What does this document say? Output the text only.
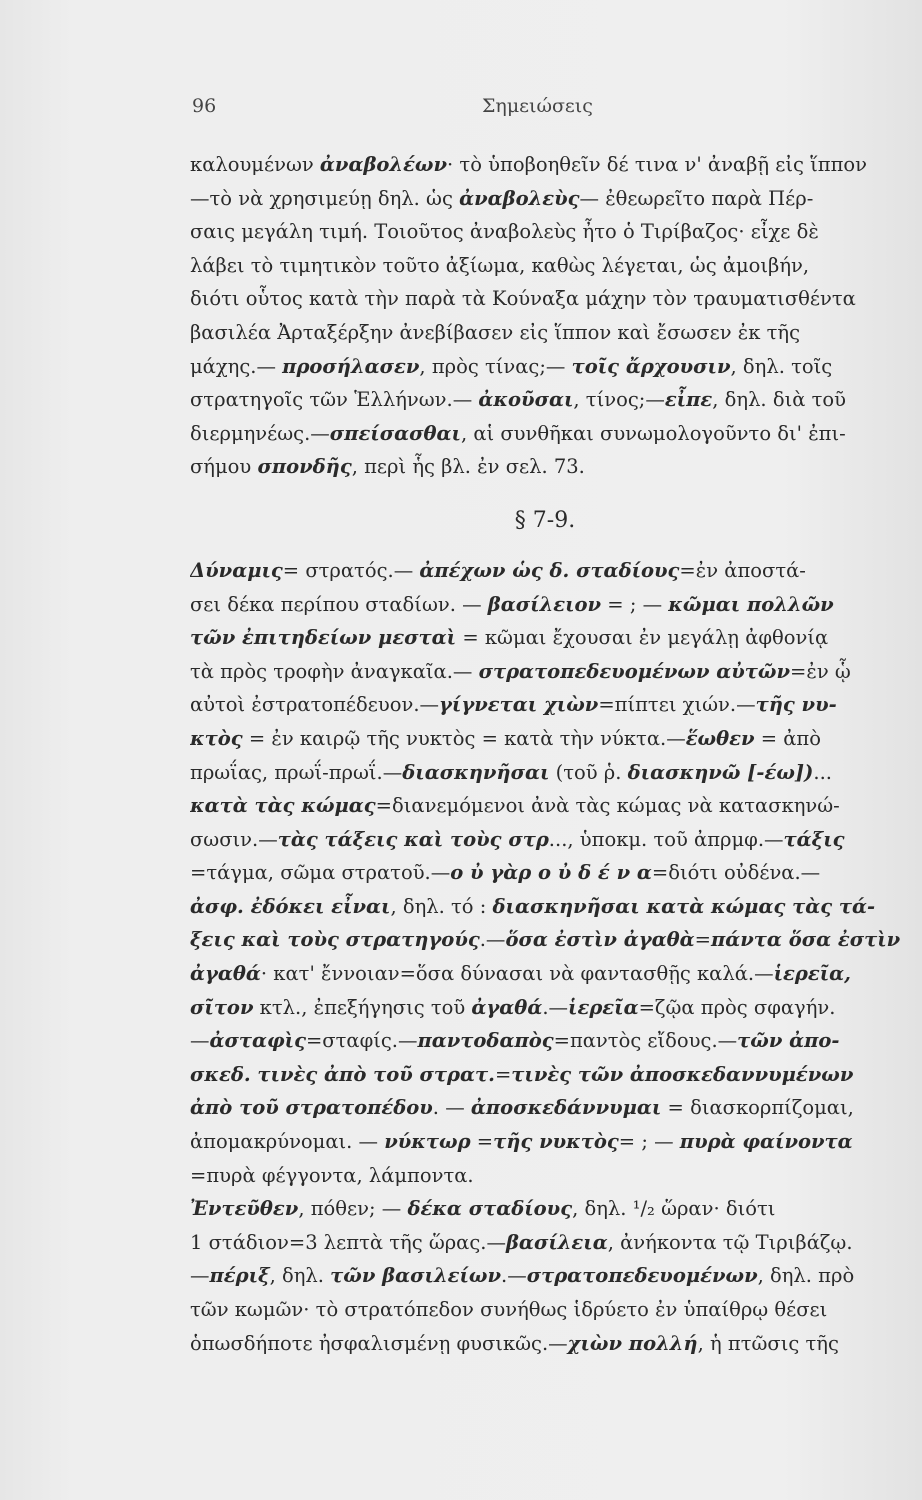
96	Σημειώσεις
καλουμένων ἀναβολέων· τὸ ὑποβοηθεῖν δέ τινα ν' ἀναβῇ εἰς ἵππον
—τὸ νὰ χρησιμεύῃ δηλ. ὡς ἀναβολεὺς— ἐθεωρεῖτο παρὰ Πέρ-
σαις μεγάλη τιμή. Τοιοῦτος ἀναβολεὺς ἦτο ὁ Τιρίβαζος· εἶχε δὲ
λάβει τὸ τιμητικὸν τοῦτο ἀξίωμα, καθὼς λέγεται, ὡς ἀμοιβήν,
διότι οὗτος κατὰ τὴν παρὰ τὰ Κούναξα μάχην τὸν τραυματισθέντα
βασιλέα Ἀρταξέρξην ἀνεβίβασεν εἰς ἵππον καὶ ἔσωσεν ἐκ τῆς
μάχης.— προσήλασεν, πρὸς τίνας;— τοῖς ἄρχουσιν, δηλ. τοῖς
στρατηγοῖς τῶν Ἑλλήνων.— ἀκοῦσαι, τίνος;—εἶπε, δηλ. διὰ τοῦ
διερμηνέως.—σπείσασθαι, αἱ συνθῆκαι συνωμολογοῦντο δι' ἐπι-
σήμου σπονδῆς, περὶ ἧς βλ. ἐν σελ. 73.
§ 7-9.
Δύναμις= στρατός.— ἀπέχων ὡς δ. σταδίους=ἐν ἀποστά-
σει δέκα περίπου σταδίων. — βασίλειον = ; — κῶμαι πολλῶν
τῶν ἐπιτηδείων μεσταὶ = κῶμαι ἔχουσαι ἐν μεγάλῃ ἀφθονίᾳ
τὰ πρὸς τροφὴν ἀναγκαῖα.— στρατοπεδευομένων αὐτῶν=ἐν ᾧ
αὐτοὶ ἐστρατοπέδευον.—γίγνεται χιὼν=πίπτει χιών.—τῆς νυ-
κτὸς = ἐν καιρῷ τῆς νυκτὸς = κατὰ τὴν νύκτα.—ἕωθεν = ἀπὸ
πρωΐας, πρωΐ-πρωΐ.—διασκηνῆσαι (τοῦ ῥ. διασκηνῶ [-έω])...
κατὰ τὰς κώμας=διανεμόμενοι ἀνὰ τὰς κώμας νὰ κατασκηνώ-
σωσιν.—τὰς τάξεις καὶ τοὺς στρ..., ὑποκμ. τοῦ ἀπρμφ.—τάξις
=τάγμα, σῶμα στρατοῦ.—ο ὐ γὰρ ο ὐ δ έ ν α=διότι οὐδένα.—
ἀσφ. ἐδόκει εἶναι, δηλ. τό : διασκηνῆσαι κατὰ κώμας τὰς τά-
ξεις καὶ τοὺς στρατηγούς.—ὅσα ἐστὶν ἀγαθὰ=πάντα ὅσα ἐστὶν
ἀγαθά· κατ' ἔννοιαν=ὅσα δύνασαι νὰ φαντασθῇς καλά.—ἱερεῖα,
σῖτον κτλ., ἐπεξήγησις τοῦ ἀγαθά.—ἱερεῖα=ζῷα πρὸς σφαγήν.
—ἀσταφὶς=σταφίς.—παντοδαπὸς=παντὸς εἴδους.—τῶν ἀπο-
σκεδ. τινὲς ἀπὸ τοῦ στρατ.=τινὲς τῶν ἀποσκεδαννυμένων
ἀπὸ τοῦ στρατοπέδου. — ἀποσκεδάννυμαι = διασκορπίζομαι,
ἀπομακρύνομαι. — νύκτωρ =τῆς νυκτὸς= ; — πυρὰ φαίνοντα
=πυρὰ φέγγοντα, λάμποντα.
Ἐντεῦθεν, πόθεν; — δέκα σταδίους, δηλ. ¹/₂ ὥραν· διότι
1 στάδιον=3 λεπτὰ τῆς ὥρας.—βασίλεια, ἀνήκοντα τῷ Τιριβάζῳ.
—πέριξ, δηλ. τῶν βασιλείων.—στρατοπεδευομένων, δηλ. πρὸ
τῶν κωμῶν· τὸ στρατόπεδον συνήθως ἱδρύετο ἐν ὑπαίθρῳ θέσει
ὁπωσδήποτε ἠσφαλισμένῃ φυσικῶς.—χιὼν πολλή, ἡ πτῶσις τῆς
